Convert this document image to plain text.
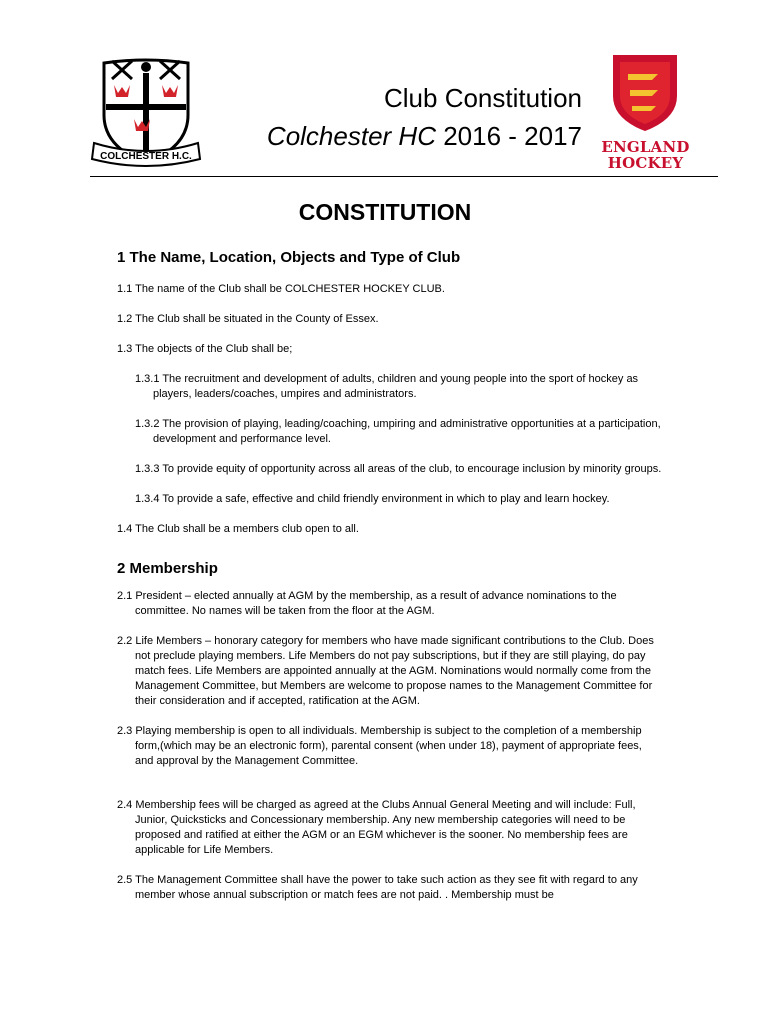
COLCHESTER H.C.
Club Constitution
Colchester HC 2016 - 2017 ENGLAND
HOCKEY
CONSTITUTION
1 The Name, Location, Objects and Type of Club

1.1 The name of the Club shall be COLCHESTER HOCKEY CLUB.

1.2 The Club shall be situated in the County of Essex.

1.3 The objects of the Club shall be;

1.3.1 The recruitment and development of adults, children and young people into the sport of hockey as players, leaders/coaches, umpires and administrators.

1.3.2 The provision of playing, leading/coaching, umpiring and administrative opportunities at a participation, development and performance level.

1.3.3 To provide equity of opportunity across all areas of the club, to encourage inclusion by minority groups.

1.3.4 To provide a safe, effective and child friendly environment in which to play and learn hockey.

1.4 The Club shall be a members club open to all.

2 Membership

2.1 President – elected annually at AGM by the membership, as a result of advance nominations to the committee. No names will be taken from the floor at the AGM.

2.2 Life Members – honorary category for members who have made significant contributions to the Club. Does not preclude playing members. Life Members do not pay subscriptions, but if they are still playing, do pay match fees. Life Members are appointed annually at the AGM. Nominations would normally come from the Management Committee, but Members are welcome to propose names to the Management Committee for their consideration and if accepted, ratification at the AGM.

2.3 Playing membership is open to all individuals. Membership is subject to the completion of a membership form,(which may be an electronic form), parental consent (when under 18), payment of appropriate fees, and approval by the Management Committee.

2.4 Membership fees will be charged as agreed at the Clubs Annual General Meeting and will include: Full, Junior, Quicksticks and Concessionary membership. Any new membership categories will need to be proposed and ratified at either the AGM or an EGM whichever is the sooner. No membership fees are applicable for Life Members.

2.5 The Management Committee shall have the power to take such action as they see fit with regard to any member whose annual subscription or match fees are not paid. . Membership must be
